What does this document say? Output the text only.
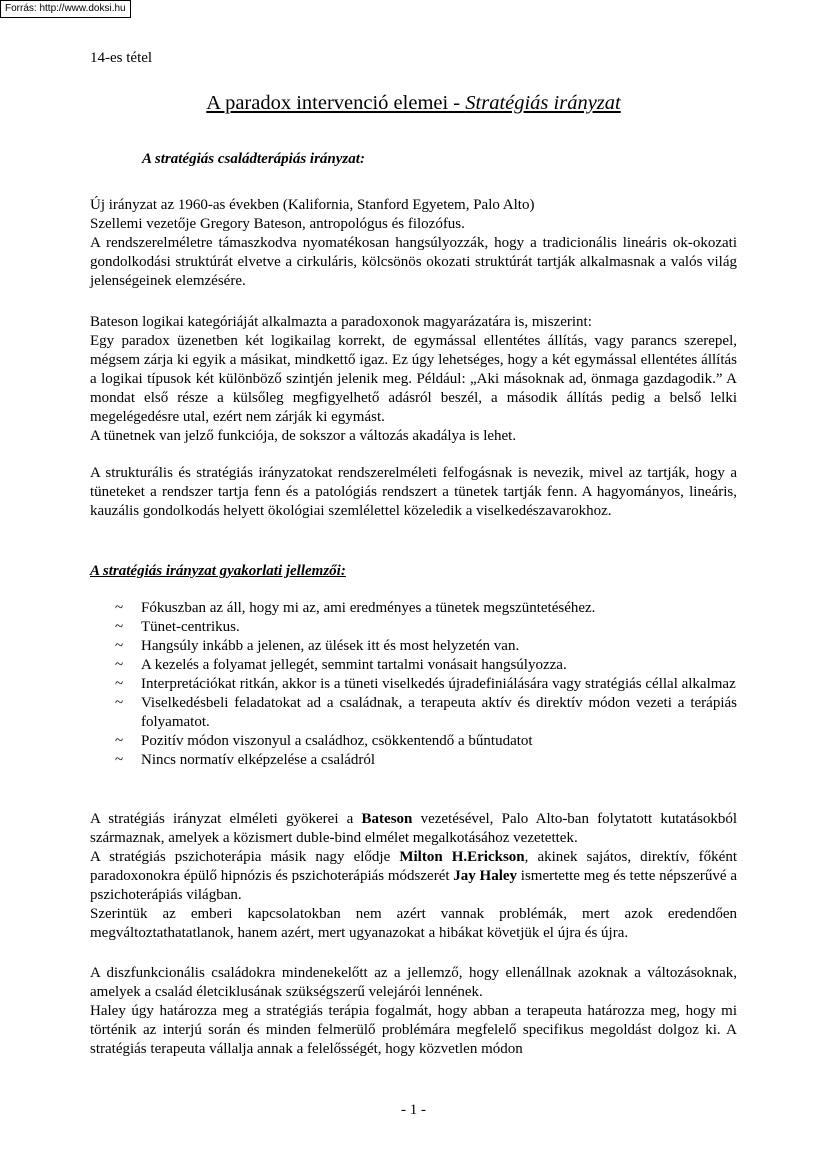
Forrás: http://www.doksi.hu
14-es tétel
A paradox intervenció elemei - Stratégiás irányzat
A stratégiás családterápiás irányzat:

Új irányzat az 1960-as években (Kalifornia, Stanford Egyetem, Palo Alto)

Szellemi vezetője Gregory Bateson, antropológus és filozófus.

A rendszerelméletre támaszkodva nyomatékosan hangsúlyozzák, hogy a tradicionális lineáris ok-okozati gondolkodási struktúrát elvetve a cirkuláris, kölcsönös okozati struktúrát tartják alkalmasnak a valós világ jelenségeinek elemzésére.

Bateson logikai kategóriáját alkalmazta a paradoxonok magyarázatára is, miszerint:

Egy paradox üzenetben két logikailag korrekt, de egymással ellentétes állítás, vagy parancs szerepel, mégsem zárja ki egyik a másikat, mindkettő igaz. Ez úgy lehetséges, hogy a két egymással ellentétes állítás a logikai típusok két különböző szintjén jelenik meg. Például: „Aki másoknak ad, önmaga gazdagodik.” A mondat első része a külsőleg megfigyelhető adásról beszél, a második állítás pedig a belső lelki megelégedésre utal, ezért nem zárják ki egymást.

A tünetnek van jelző funkciója, de sokszor a változás akadálya is lehet.

A strukturális és stratégiás irányzatokat rendszerelméleti felfogásnak is nevezik, mivel az tartják, hogy a tüneteket a rendszer tartja fenn és a patológiás rendszert a tünetek tartják fenn. A hagyományos, lineáris, kauzális gondolkodás helyett ökológiai szemlélettel közeledik a viselkedészavarokhoz.

A stratégiás irányzat gyakorlati jellemzői:
~ Fókuszban az áll, hogy mi az, ami eredményes a tünetek megszüntetéséhez.
~ Tünet-centrikus.
~ Hangsúly inkább a jelenen, az ülések itt és most helyzetén van.
~ A kezelés a folyamat jellegét, semmint tartalmi vonásait hangsúlyozza.
~ Interpretációkat ritkán, akkor is a tüneti viselkedés újradefiniálására vagy stratégiás céllal alkalmaz
~ Viselkedésbeli feladatokat ad a családnak, a terapeuta aktív és direktív módon vezeti a terápiás folyamatot.
~ Pozitív módon viszonyul a családhoz, csökkentendő a bűntudatot
~ Nincs normatív elképzelése a családról

A stratégiás irányzat elméleti gyökerei a Bateson vezetésével, Palo Alto-ban folytatott kutatásokból származnak, amelyek a közismert duble-bind elmélet megalkotásához vezetettek.

A stratégiás pszichoterápia másik nagy elődje Milton H.Erickson, akinek sajátos, direktív, főként paradoxonokra épülő hipnózis és pszichoterápiás módszerét Jay Haley ismertette meg és tette népszerűvé a pszichoterápiás világban.

Szerintük az emberi kapcsolatokban nem azért vannak problémák, mert azok eredendően megváltoztathatatlanok, hanem azért, mert ugyanazokat a hibákat követjük el újra és újra.

A diszfunkcionális családokra mindenekelőtt az a jellemző, hogy ellenállnak azoknak a változásoknak, amelyek a család életciklusának szükségszerű velejárói lennének.

Haley úgy határozza meg a stratégiás terápia fogalmát, hogy abban a terapeuta határozza meg, hogy mi történik az interjú során és minden felmerülő problémára megfelelő specifikus megoldást dolgoz ki. A stratégiás terapeuta vállalja annak a felelősségét, hogy közvetlen módon

- 1 -
